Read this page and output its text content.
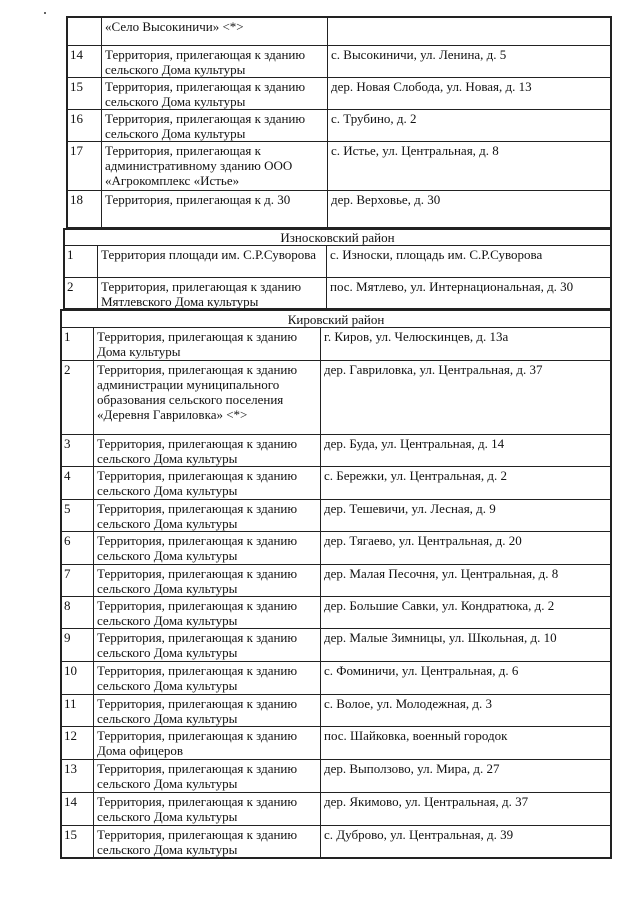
	«Село Высокиничи» <*>	
14	Территория, прилегающая к зданию сельского Дома культуры	с. Высокиничи, ул. Ленина, д. 5
15	Территория, прилегающая к зданию сельского Дома культуры	дер. Новая Слобода, ул. Новая, д. 13
16	Территория, прилегающая к зданию сельского Дома культуры	с. Трубино, д. 2
17	Территория, прилегающая к административному зданию ООО «Агрокомплекс «Истье»	с. Истье, ул. Центральная, д. 8
18	Территория, прилегающая к д. 30	дер. Верховье, д. 30
Износковский район		
1	Территория площади им. С.Р.Суворова	с. Износки, площадь им. С.Р.Суворова
2	Территория, прилегающая к зданию Мятлевского Дома культуры	пос. Мятлево, ул. Интернациональная, д. 30
Кировский район		
1	Территория, прилегающая к зданию Дома культуры	г. Киров, ул. Челюскинцев, д. 13а
2	Территория, прилегающая к зданию администрации муниципального образования сельского поселения «Деревня Гавриловка» <*>	дер. Гавриловка, ул. Центральная, д. 37
3	Территория, прилегающая к зданию сельского Дома культуры	дер. Буда, ул. Центральная, д. 14
4	Территория, прилегающая к зданию сельского Дома культуры	с. Бережки, ул. Центральная, д. 2
5	Территория, прилегающая к зданию сельского Дома культуры	дер. Тешевичи, ул. Лесная, д. 9
6	Территория, прилегающая к зданию сельского Дома культуры	дер. Тягаево, ул. Центральная, д. 20
7	Территория, прилегающая к зданию сельского Дома культуры	дер. Малая Песочня, ул. Центральная, д. 8
8	Территория, прилегающая к зданию сельского Дома культуры	дер. Большие Савки, ул. Кондратюка, д. 2
9	Территория, прилегающая к зданию сельского Дома культуры	дер. Малые Зимницы, ул. Школьная, д. 10
10	Территория, прилегающая к зданию сельского Дома культуры	с. Фоминичи, ул. Центральная, д. 6
11	Территория, прилегающая к зданию сельского Дома культуры	с. Волое, ул. Молодежная, д. 3
12	Территория, прилегающая к зданию Дома офицеров	пос. Шайковка, военный городок
13	Территория, прилегающая к зданию сельского Дома культуры	дер. Выползово, ул. Мира, д. 27
14	Территория, прилегающая к зданию сельского Дома культуры	дер. Якимово, ул. Центральная, д. 37
15	Территория, прилегающая к зданию сельского Дома культуры	с. Дуброво, ул. Центральная, д. 39
